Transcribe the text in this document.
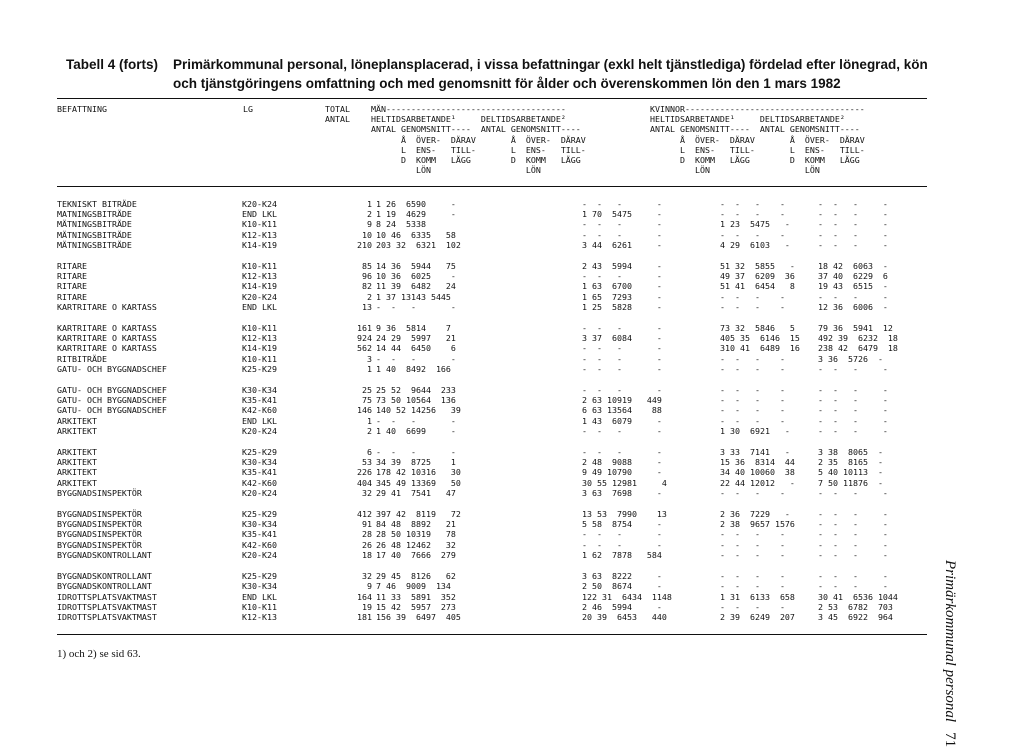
Tabell 4 (forts) Primärkommunal personal, löneplansplacerad, i vissa befattningar (exkl helt tjänstlediga) fördelad efter lönegrad, kön
och tjänstgöringens omfattning och med genomsnitt för ålder och överenskommen lön den 1 mars 1982
BEFATTNING	LG	TOTAL
ANTAL
MÄN------------------------------------
HELTIDSARBETANDE¹     DELTIDSARBETANDE²
ANTAL GENOMSNITT----  ANTAL GENOMSNITT----
Å  ÖVER-  DÄRAV       Å  ÖVER-  DÄRAV
L  ENS-   TILL-       L  ENS-   TILL-
D  KOMM   LÄGG        D  KOMM   LÄGG
LÖN                   LÖN
KVINNOR------------------------------------
HELTIDSARBETANDE¹     DELTIDSARBETANDE²
ANTAL GENOMSNITT----  ANTAL GENOMSNITT----
Å  ÖVER-  DÄRAV       Å  ÖVER-  DÄRAV
L  ENS-   TILL-       L  ENS-   TILL-
D  KOMM   LÄGG        D  KOMM   LÄGG
LÖN                   LÖN
TEKNISKT BITRÄDE	K20-K24	1	1 26  6590     -	-  -   -       -	-  -   -    -	-  -   -     -
MATNINGSBITRÄDE	END LKL	2	1 19  4629     -	1 70  5475     -	-  -   -    -	-  -   -     -
MÄTNINGSBITRÄDE	K10-K11	9	8 24  5338	-  -   -       -	1 23  5475   -	-  -   -     -
MÄTNINGSBITRÄDE	K12-K13	10	10 46  6335   58	-  -   -       -	-  -   -    -	-  -   -     -
MÄTNINGSBITRÄDE	K14-K19	210	203 32  6321  102	3 44  6261     -	4 29  6103   -	-  -   -     -

RITARE	K10-K11	85	14 36  5944   75	2 43  5994     -	51 32  5855   -	18 42  6063  -
RITARE	K12-K13	96	10 36  6025    -	-  -   -       -	49 37  6209  36	37 40  6229  6
RITARE	K14-K19	82	11 39  6482   24	1 63  6700     -	51 41  6454   8	19 43  6515  -
RITARE	K20-K24	2	1 37 13143 5445	1 65  7293     -	-  -   -    -	-  -   -     -
KARTRITARE O KARTASS	END LKL	13	-  -   -       -	1 25  5828     -	-  -   -    -	12 36  6006  -

KARTRITARE O KARTASS	K10-K11	161	9 36  5814    7	-  -   -       -	73 32  5846   5	79 36  5941  12
KARTRITARE O KARTASS	K12-K13	924	24 29  5997   21	3 37  6084     -	405 35  6146  15	492 39  6232  18
KARTRITARE O KARTASS	K14-K19	562	14 44  6450    6	-  -   -       -	310 41  6489  16	238 42  6479  18
RITBITRÄDE	K10-K11	3	-  -   -       -	-  -   -       -	-  -   -    -	3 36  5726  -
GATU- OCH BYGGNADSCHEF	K25-K29	1	1 40  8492  166	-  -   -       -	-  -   -    -	-  -   -     -

GATU- OCH BYGGNADSCHEF	K30-K34	25	25 52  9644  233	-  -   -       -	-  -   -    -	-  -   -     -
GATU- OCH BYGGNADSCHEF	K35-K41	75	73 50 10564  136	2 63 10919   449	-  -   -    -	-  -   -     -
GATU- OCH BYGGNADSCHEF	K42-K60	146	140 52 14256   39	6 63 13564    88	-  -   -    -	-  -   -     -
ARKITEKT	END LKL	1	-  -   -       -	1 43  6079     -	-  -   -    -	-  -   -     -
ARKITEKT	K20-K24	2	1 40  6699     -	-  -   -       -	1 30  6921   -	-  -   -     -

ARKITEKT	K25-K29	6	-  -   -       -	-  -   -       -	3 33  7141   -	3 38  8065  -
ARKITEKT	K30-K34	53	34 39  8725    1	2 48  9088     -	15 36  8314  44	2 35  8165  -
ARKITEKT	K35-K41	226	178 42 10316   30	9 49 10790     -	34 40 10060  38	5 40 10113  -
ARKITEKT	K42-K60	404	345 49 13369   50	30 55 12981     4	22 44 12012   -	7 50 11876  -
BYGGNADSINSPEKTÖR	K20-K24	32	29 41  7541   47	3 63  7698     -	-  -   -    -	-  -   -     -

BYGGNADSINSPEKTÖR	K25-K29	412	397 42  8119   72	13 53  7990    13	2 36  7229   -	-  -   -     -
BYGGNADSINSPEKTÖR	K30-K34	91	84 48  8892   21	5 58  8754     -	2 38  9657 1576	-  -   -     -
BYGGNADSINSPEKTÖR	K35-K41	28	28 50 10319   78	-  -   -       -	-  -   -    -	-  -   -     -
BYGGNADSINSPEKTÖR	K42-K60	26	26 48 12462   32	-  -   -       -	-  -   -    -	-  -   -     -
BYGGNADSKONTROLLANT	K20-K24	18	17 40  7666  279	1 62  7878   584	-  -   -    -	-  -   -     -

BYGGNADSKONTROLLANT	K25-K29	32	29 45  8126   62	3 63  8222     -	-  -   -    -	-  -   -     -
BYGGNADSKONTROLLANT	K30-K34	9	7 46  9009  134	2 50  8674     -	-  -   -    -	-  -   -     -
IDROTTSPLATSVAKTMAST	END LKL	164	11 33  5891  352	122 31  6434  1148	1 31  6133  658	30 41  6536 1044
IDROTTSPLATSVAKTMAST	K10-K11	19	15 42  5957  273	2 46  5994     -	-  -   -    -	2 53  6782  703
IDROTTSPLATSVAKTMAST	K12-K13	181	156 39  6497  405	20 39  6453   440	2 39  6249  207	3 45  6922  964
1) och 2) se sid 63.	Primärkommunal personal71
